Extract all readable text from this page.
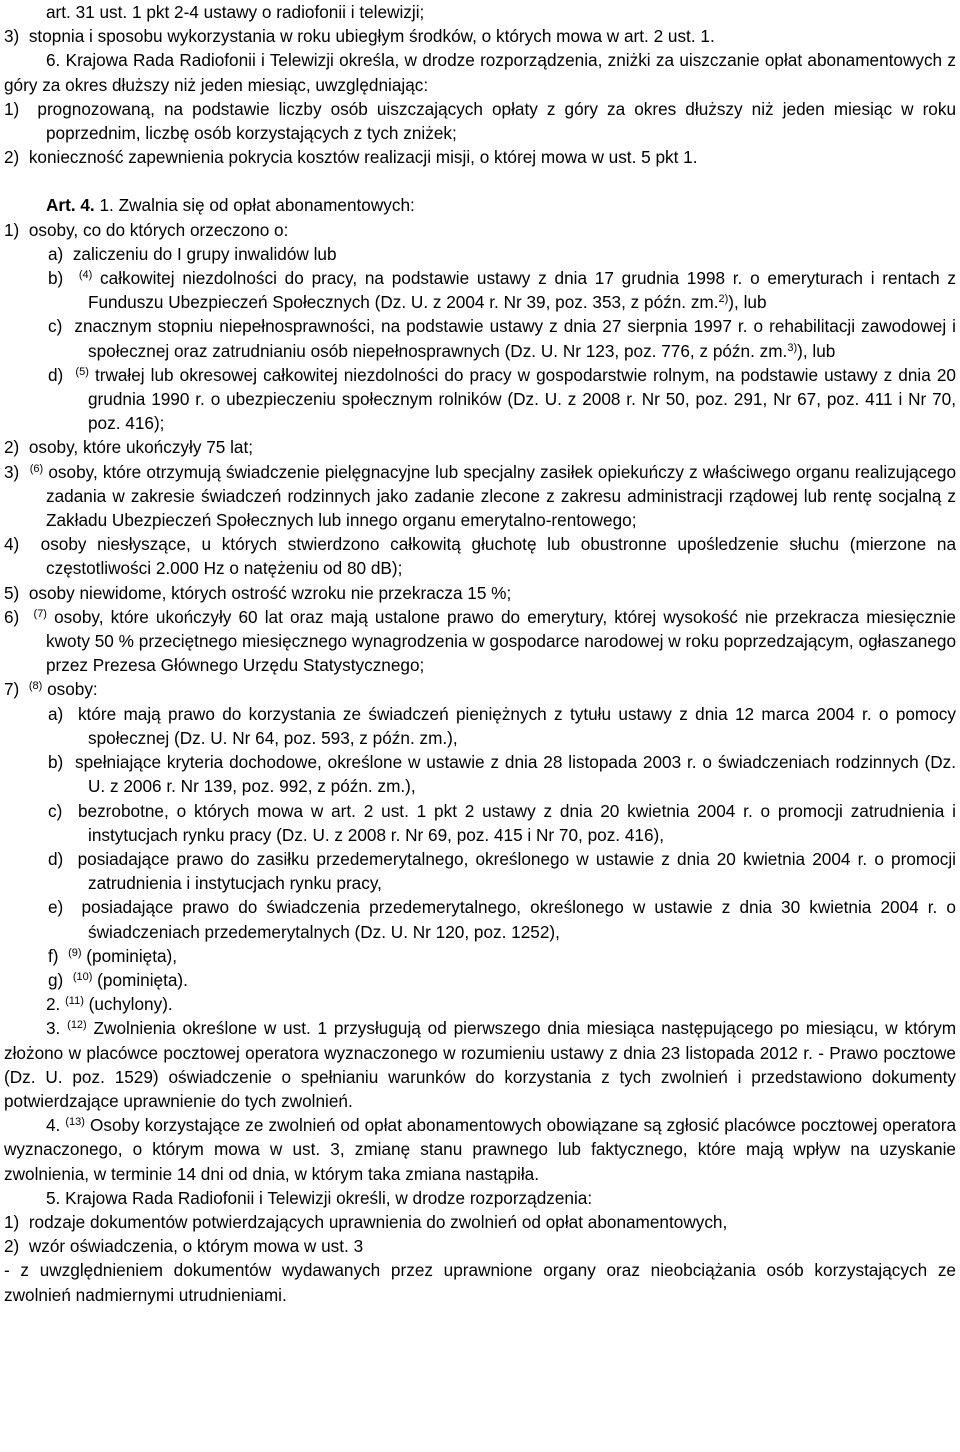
art. 31 ust. 1 pkt 2-4 ustawy o radiofonii i telewizji;

3)  stopnia i sposobu wykorzystania w roku ubiegłym środków, o których mowa w art. 2 ust. 1.

6. Krajowa Rada Radiofonii i Telewizji określa, w drodze rozporządzenia, zniżki za uiszczanie opłat abonamentowych z góry za okres dłuższy niż jeden miesiąc, uwzględniając:

1)  prognozowaną, na podstawie liczby osób uiszczających opłaty z góry za okres dłuższy niż jeden miesiąc w roku poprzednim, liczbę osób korzystających z tych zniżek;

2)  konieczność zapewnienia pokrycia kosztów realizacji misji, o której mowa w ust. 5 pkt 1.

Art. 4. 1. Zwalnia się od opłat abonamentowych:

1)  osoby, co do których orzeczono o:

a)  zaliczeniu do I grupy inwalidów lub

b)  $^{(4)}$ całkowitej niezdolności do pracy, na podstawie ustawy z dnia 17 grudnia 1998 r. o emeryturach i rentach z Funduszu Ubezpieczeń Społecznych (Dz. U. z 2004 r. Nr 39, poz. 353, z późn. zm.$^{2)}$), lub

c)  znacznym stopniu niepełnosprawności, na podstawie ustawy z dnia 27 sierpnia 1997 r. o rehabilitacji zawodowej i społecznej oraz zatrudnianiu osób niepełnosprawnych (Dz. U. Nr 123, poz. 776, z późn. zm.$^{3)}$), lub

d)  $^{(5)}$ trwałej lub okresowej całkowitej niezdolności do pracy w gospodarstwie rolnym, na podstawie ustawy z dnia 20 grudnia 1990 r. o ubezpieczeniu społecznym rolników (Dz. U. z 2008 r. Nr 50, poz. 291, Nr 67, poz. 411 i Nr 70, poz. 416);

2)  osoby, które ukończyły 75 lat;

3)  $^{(6)}$ osoby, które otrzymują świadczenie pielęgnacyjne lub specjalny zasiłek opiekuńczy z właściwego organu realizującego zadania w zakresie świadczeń rodzinnych jako zadanie zlecone z zakresu administracji rządowej lub rentę socjalną z Zakładu Ubezpieczeń Społecznych lub innego organu emerytalno-rentowego;

4)  osoby niesłyszące, u których stwierdzono całkowitą głuchotę lub obustronne upośledzenie słuchu (mierzone na częstotliwości 2.000 Hz o natężeniu od 80 dB);

5)  osoby niewidome, których ostrość wzroku nie przekracza 15 %;

6)  $^{(7)}$ osoby, które ukończyły 60 lat oraz mają ustalone prawo do emerytury, której wysokość nie przekracza miesięcznie kwoty 50 % przeciętnego miesięcznego wynagrodzenia w gospodarce narodowej w roku poprzedzającym, ogłaszanego przez Prezesa Głównego Urzędu Statystycznego;

7)  $^{(8)}$ osoby:

a)  które mają prawo do korzystania ze świadczeń pieniężnych z tytułu ustawy z dnia 12 marca 2004 r. o pomocy społecznej (Dz. U. Nr 64, poz. 593, z późn. zm.),

b)  spełniające kryteria dochodowe, określone w ustawie z dnia 28 listopada 2003 r. o świadczeniach rodzinnych (Dz. U. z 2006 r. Nr 139, poz. 992, z późn. zm.),

c)  bezrobotne, o których mowa w art. 2 ust. 1 pkt 2 ustawy z dnia 20 kwietnia 2004 r. o promocji zatrudnienia i instytucjach rynku pracy (Dz. U. z 2008 r. Nr 69, poz. 415 i Nr 70, poz. 416),

d)  posiadające prawo do zasiłku przedemerytalnego, określonego w ustawie z dnia 20 kwietnia 2004 r. o promocji zatrudnienia i instytucjach rynku pracy,

e)  posiadające prawo do świadczenia przedemerytalnego, określonego w ustawie z dnia 30 kwietnia 2004 r. o świadczeniach przedemerytalnych (Dz. U. Nr 120, poz. 1252),

f)  $^{(9)}$ (pominięta),

g)  $^{(10)}$ (pominięta).

2. $^{(11)}$ (uchylony).

3. $^{(12)}$ Zwolnienia określone w ust. 1 przysługują od pierwszego dnia miesiąca następującego po miesiącu, w którym złożono w placówce pocztowej operatora wyznaczonego w rozumieniu ustawy z dnia 23 listopada 2012 r. - Prawo pocztowe (Dz. U. poz. 1529) oświadczenie o spełnianiu warunków do korzystania z tych zwolnień i przedstawiono dokumenty potwierdzające uprawnienie do tych zwolnień.

4. $^{(13)}$ Osoby korzystające ze zwolnień od opłat abonamentowych obowiązane są zgłosić placówce pocztowej operatora wyznaczonego, o którym mowa w ust. 3, zmianę stanu prawnego lub faktycznego, które mają wpływ na uzyskanie zwolnienia, w terminie 14 dni od dnia, w którym taka zmiana nastąpiła.

5. Krajowa Rada Radiofonii i Telewizji określi, w drodze rozporządzenia:

1)  rodzaje dokumentów potwierdzających uprawnienia do zwolnień od opłat abonamentowych,

2)  wzór oświadczenia, o którym mowa w ust. 3

- z uwzględnieniem dokumentów wydawanych przez uprawnione organy oraz nieobciążania osób korzystających ze zwolnień nadmiernymi utrudnieniami.
